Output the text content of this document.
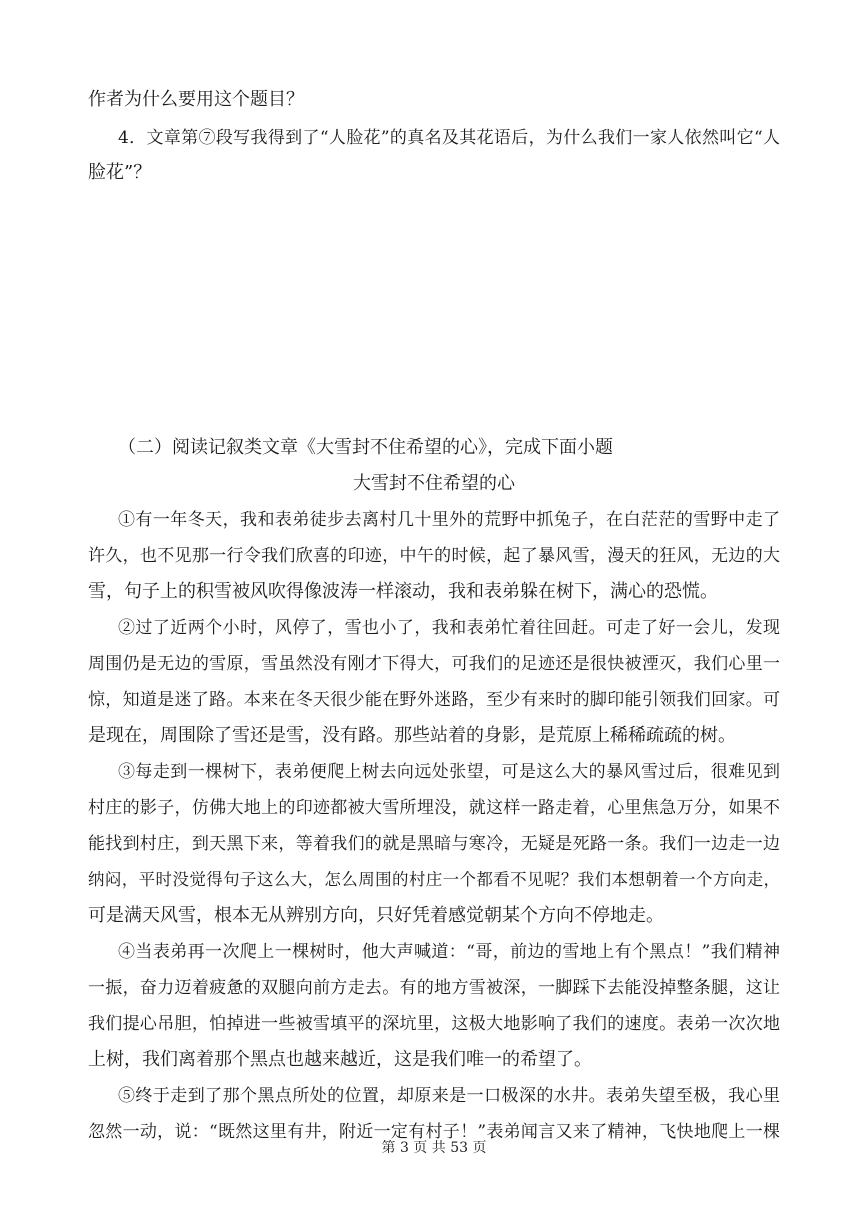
作者为什么要用这个题目？
4．文章第⑦段写我得到了“人脸花”的真名及其花语后，为什么我们一家人依然叫它“人
脸花”？
（二）阅读记叙类文章《大雪封不住希望的心》，完成下面小题
大雪封不住希望的心
①有一年冬天，我和表弟徒步去离村几十里外的荒野中抓兔子，在白茫茫的雪野中走了
许久，也不见那一行令我们欣喜的印迹，中午的时候，起了暴风雪，漫天的狂风，无边的大
雪，句子上的积雪被风吹得像波涛一样滚动，我和表弟躲在树下，满心的恐慌。
②过了近两个小时，风停了，雪也小了，我和表弟忙着往回赶。可走了好一会儿，发现
周围仍是无边的雪原，雪虽然没有刚才下得大，可我们的足迹还是很快被湮灭，我们心里一
惊，知道是迷了路。本来在冬天很少能在野外迷路，至少有来时的脚印能引领我们回家。可
是现在，周围除了雪还是雪，没有路。那些站着的身影，是荒原上稀稀疏疏的树。
③每走到一棵树下，表弟便爬上树去向远处张望，可是这么大的暴风雪过后，很难见到
村庄的影子，仿佛大地上的印迹都被大雪所埋没，就这样一路走着，心里焦急万分，如果不
能找到村庄，到天黑下来，等着我们的就是黑暗与寒冷，无疑是死路一条。我们一边走一边
纳闷，平时没觉得句子这么大，怎么周围的村庄一个都看不见呢？我们本想朝着一个方向走，
可是满天风雪，根本无从辨别方向，只好凭着感觉朝某个方向不停地走。
④当表弟再一次爬上一棵树时，他大声喊道：“哥，前边的雪地上有个黑点！”我们精神
一振，奋力迈着疲惫的双腿向前方走去。有的地方雪被深，一脚踩下去能没掉整条腿，这让
我们提心吊胆，怕掉进一些被雪填平的深坑里，这极大地影响了我们的速度。表弟一次次地
上树，我们离着那个黑点也越来越近，这是我们唯一的希望了。
⑤终于走到了那个黑点所处的位置，却原来是一口极深的水井。表弟失望至极，我心里
忽然一动，说：“既然这里有井，附近一定有村子！”表弟闻言又来了精神，飞快地爬上一棵
第 3 页 共 53 页
